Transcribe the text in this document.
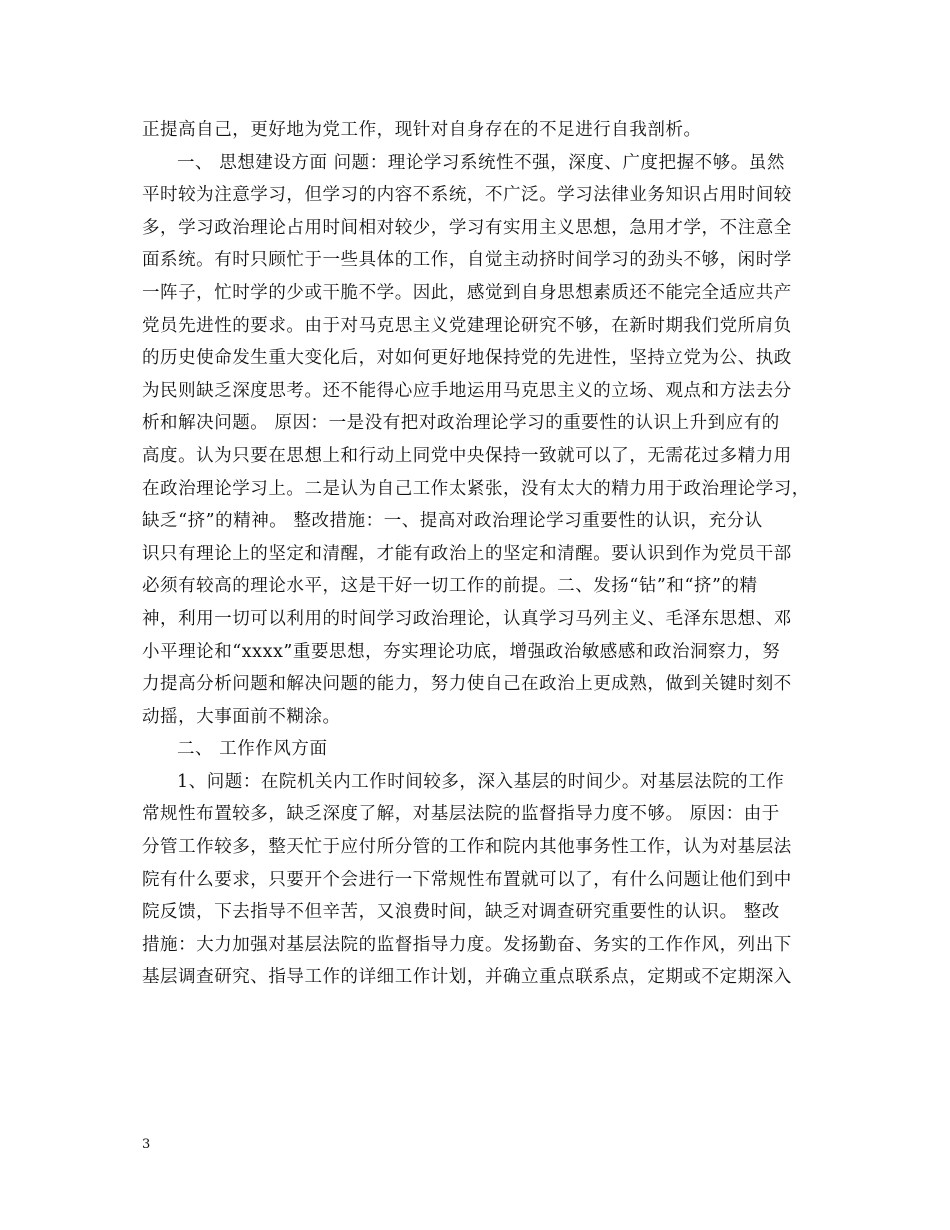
正提高自己，更好地为党工作，现针对自身存在的不足进行自我剖析。
一、 思想建设方面 问题：理论学习系统性不强，深度、广度把握不够。虽然
平时较为注意学习，但学习的内容不系统，不广泛。学习法律业务知识占用时间较
多，学习政治理论占用时间相对较少，学习有实用主义思想，急用才学，不注意全
面系统。有时只顾忙于一些具体的工作，自觉主动挤时间学习的劲头不够，闲时学
一阵子，忙时学的少或干脆不学。因此，感觉到自身思想素质还不能完全适应共产
党员先进性的要求。由于对马克思主义党建理论研究不够，在新时期我们党所肩负
的历史使命发生重大变化后，对如何更好地保持党的先进性，坚持立党为公、执政
为民则缺乏深度思考。还不能得心应手地运用马克思主义的立场、观点和方法去分
析和解决问题。 原因：一是没有把对政治理论学习的重要性的认识上升到应有的
高度。认为只要在思想上和行动上同党中央保持一致就可以了，无需花过多精力用
在政治理论学习上。二是认为自己工作太紧张，没有太大的精力用于政治理论学习，
缺乏“挤”的精神。 整改措施：一、提高对政治理论学习重要性的认识，充分认
识只有理论上的坚定和清醒，才能有政治上的坚定和清醒。要认识到作为党员干部
必须有较高的理论水平，这是干好一切工作的前提。二、发扬“钻”和“挤”的精
神，利用一切可以利用的时间学习政治理论，认真学习马列主义、毛泽东思想、邓
小平理论和“xxxx”重要思想，夯实理论功底，增强政治敏感感和政治洞察力，努
力提高分析问题和解决问题的能力，努力使自己在政治上更成熟，做到关键时刻不
动摇，大事面前不糊涂。
二、 工作作风方面
1、问题：在院机关内工作时间较多，深入基层的时间少。对基层法院的工作
常规性布置较多，缺乏深度了解，对基层法院的监督指导力度不够。 原因：由于
分管工作较多，整天忙于应付所分管的工作和院内其他事务性工作，认为对基层法
院有什么要求，只要开个会进行一下常规性布置就可以了，有什么问题让他们到中
院反馈，下去指导不但辛苦，又浪费时间，缺乏对调查研究重要性的认识。 整改
措施：大力加强对基层法院的监督指导力度。发扬勤奋、务实的工作作风，列出下
基层调查研究、指导工作的详细工作计划，并确立重点联系点，定期或不定期深入
3
